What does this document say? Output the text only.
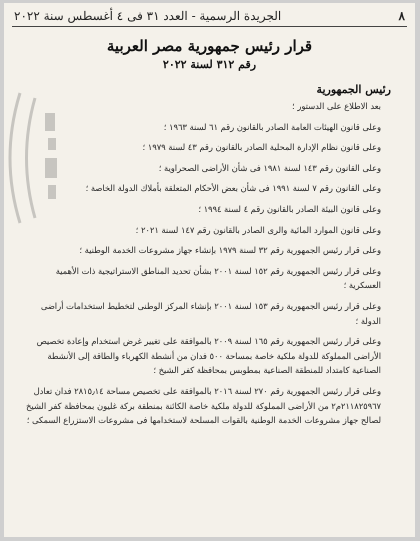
٨
الجريدة الرسمية - العدد ٣١ فى ٤ أغسطس سنة ٢٠٢٢
قرار رئيس جمهورية مصر العربية
رقم ٣١٢ لسنة ٢٠٢٢
رئيس الجمهورية

بعد الاطلاع على الدستور ؛

وعلى قانون الهيئات العامة الصادر بالقانون رقم ٦١ لسنة ١٩٦٣ ؛

وعلى قانون نظام الإدارة المحلية الصادر بالقانون رقم ٤٣ لسنة ١٩٧٩ ؛

وعلى القانون رقم ١٤٣ لسنة ١٩٨١ فى شأن الأراضى الصحراوية ؛

وعلى القانون رقم ٧ لسنة ١٩٩١ فى شأن بعض الأحكام المتعلقة بأملاك الدولة الخاصة ؛

وعلى قانون البيئة الصادر بالقانون رقم ٤ لسنة ١٩٩٤ ؛

وعلى قانون الموارد المائية والرى الصادر بالقانون رقم ١٤٧ لسنة ٢٠٢١ ؛

وعلى قرار رئيس الجمهورية رقم ٣٢ لسنة ١٩٧٩ بإنشاء جهاز مشروعات الخدمة الوطنية ؛

وعلى قرار رئيس الجمهورية رقم ١٥٢ لسنة ٢٠٠١ بشأن تحديد المناطق الاستراتيجية ذات الأهمية العسكرية ؛

وعلى قرار رئيس الجمهورية رقم ١٥٣ لسنة ٢٠٠١ بإنشاء المركز الوطنى لتخطيط استخدامات أراضى الدولة ؛

وعلى قرار رئيس الجمهورية رقم ١٦٥ لسنة ٢٠٠٩ بالموافقة على تغيير غرض استخدام وإعادة تخصيص الأراضى المملوكة للدولة ملكية خاصة بمساحة ٥٠٠ فدان من أنشطة الكهرباء والطاقة إلى الأنشطة الصناعية كامتداد للمنطقة الصناعية بمطوبس بمحافظة كفر الشيخ ؛

وعلى قرار رئيس الجمهورية رقم ٢٧٠ لسنة ٢٠١٦ بالموافقة على تخصيص مساحة ٢٨١٥٫١٤ فدان تعادل ٢١١٨٢٥٩٦٧م٢ من الأراضى المملوكة للدولة ملكية خاصة الكائنة بمنطقة بركة غليون بمحافظة كفر الشيخ لصالح جهاز مشروعات الخدمة الوطنية بالقوات المسلحة لاستخدامها فى مشروعات الاستزراع السمكى ؛
